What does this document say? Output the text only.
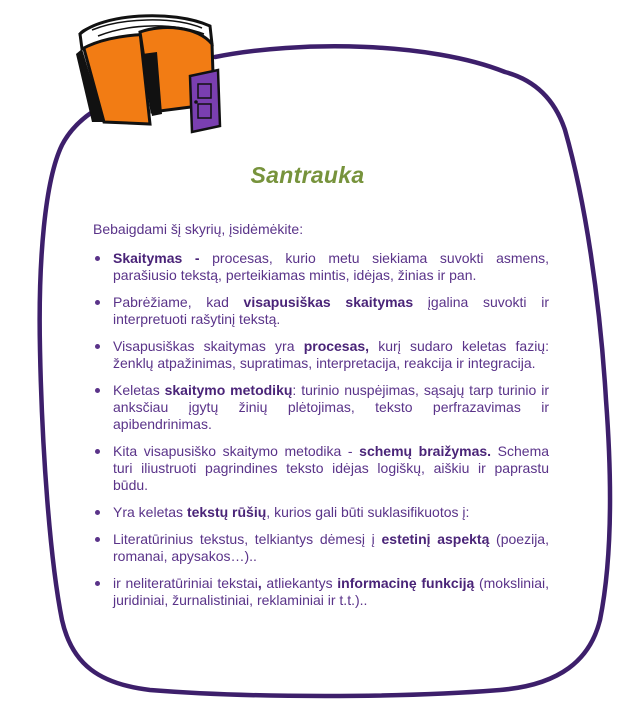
Santrauka
Bebaigdami šį skyrių, įsidėmėkite:
Skaitymas - procesas, kurio metu siekiama suvokti asmens, parašiusio tekstą, perteikiamas mintis, idėjas, žinias ir pan.
Pabrėžiame, kad visapusiškas skaitymas įgalina suvokti ir interpretuoti rašytinį tekstą.
Visapusiškas skaitymas yra procesas, kurį sudaro keletas fazių: ženklų atpažinimas, supratimas, interpretacija, reakcija ir integracija.
Keletas skaitymo metodikų: turinio nuspėjimas, sąsajų tarp turinio ir anksčiau įgytų žinių plėtojimas, teksto perfrazavimas ir apibendrinimas.
Kita visapusiško skaitymo metodika - schemų braižymas. Schema turi iliustruoti pagrindines teksto idėjas logiškų, aiškiu ir paprastu būdu.
Yra keletas tekstų rūšių, kurios gali būti suklasifikuotos į:
Literatūrinius tekstus, telkiantys dėmesį į estetinį aspektą (poezija, romanai, apysakos…)..
ir neliteratūriniai tekstai, atliekantys informacinę funkciją (moksliniai, juridiniai, žurnalistiniai, reklaminiai ir t.t.)..
